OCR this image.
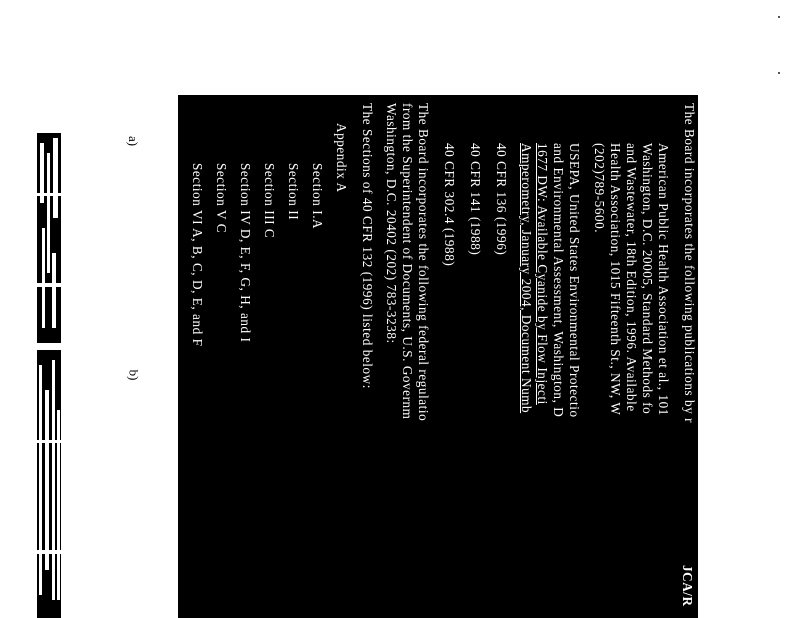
a)
b)
JCA/R
The Board incorporates the following publications by r
American Public Health Association et al., 101
Washington, D.C. 20005, Standard Methods fo
and Wastewater, 18th Edition, 1996. Available
Health Association, 1015 Fifteenth St., NW, W
(202)789-5600.
USEPA, United States Environmental Protectio
and Environmental Assessment, Washington, D
1677 DW: Available Cyanide by Flow Injecti
Amperometry, January 2004, Document Numb
40 CFR 136 (1996)
40 CFR 141 (1988)
40 CFR 302.4 (1988)
The Board incorporates the following federal regulatio
from the Superintendent of Documents, U.S. Governm
Washington, D.C. 20402 (202) 783-3238:
The Sections of 40 CFR 132 (1996) listed below:
Appendix A
Section I.A
Section II
Section III C
Section IV D, E, F, G, H, and I
Section V C
Section VI A, B, C, D, E, and F
Section VIII
Section XI
